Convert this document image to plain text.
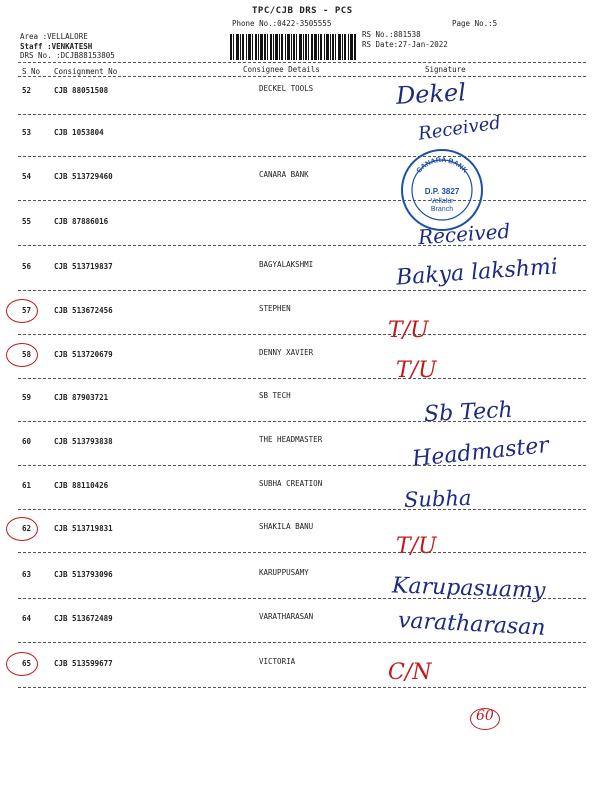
TPC/CJB DRS - PCS
Phone No.:0422-3505555	Page No.:5
Area :VELLALORE
Staff :VENKATESH
DRS No. :DCJB88153805
RS No.:881538
RS Date:27-Jan-2022
S No Consignment No	Consignee Details	Signature
52	CJB 88051508	DECKEL TOOLS	Dekel
Received
53	CJB 1053804
54	CJB 513729460	CANARA BANK
55	CJB 87886016	Received
56	CJB 513719837	BAGYALAKSHMI	Bakya lakshmi
57	CJB 513672456	STEPHEN
T/U
58	CJB 513720679	DENNY XAVIER
T/U
59	CJB 87903721	SB TECH
Sb Tech
60	CJB 513793838	THE HEADMASTER	Headmaster
61	CJB 88110426	SUBHA CREATION
Subha
62	CJB 513719831	SHAKILA BANU
T/U
63	CJB 513793096	KARUPPUSAMY
Karupasuamy
64	CJB 513672489	VARATHARASAN	varatharasan
65	CJB 513599677	VICTORIA	C/N
CANARA BANK
D.P. 3827
Vellalur
Branch
60
